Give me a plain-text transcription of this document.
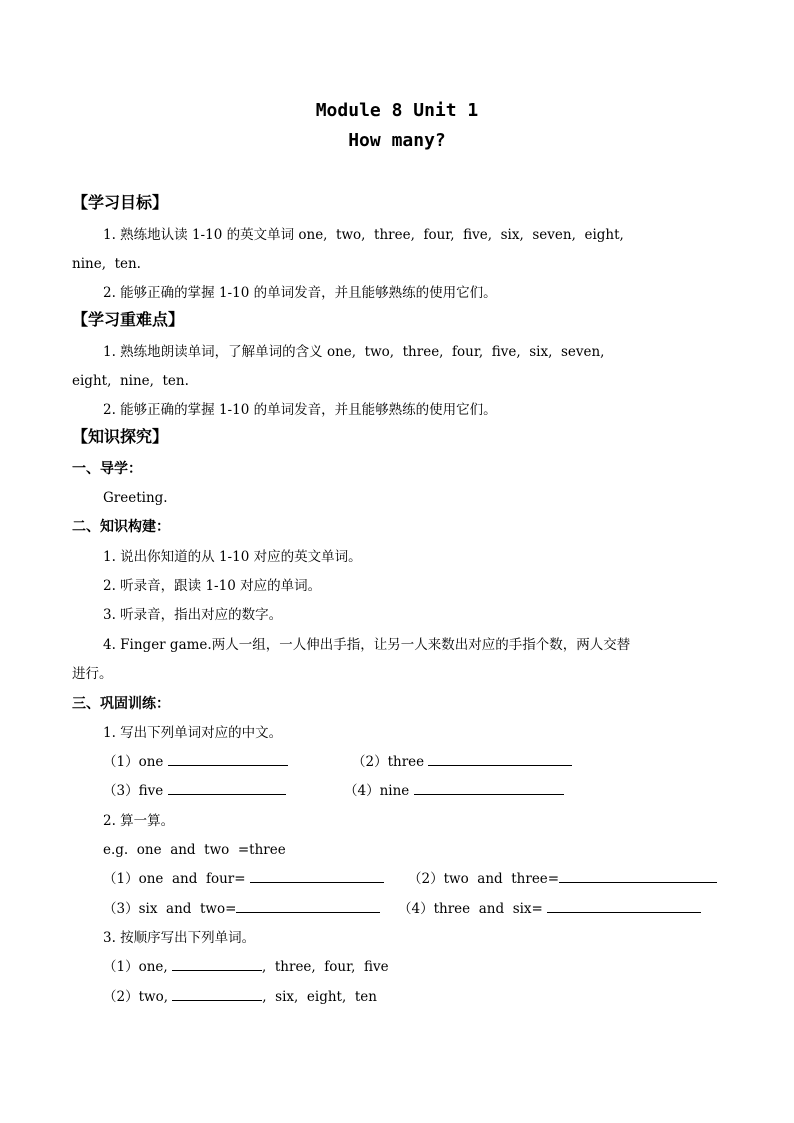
Module 8 Unit 1
How many?
【学习目标】
1. 熟练地认读 1-10 的英文单词 one,  two,  three,  four,  five,  six,  seven,  eight,
nine,  ten.
2. 能够正确的掌握 1-10 的单词发音，并且能够熟练的使用它们。
【学习重难点】
1. 熟练地朗读单词，了解单词的含义 one,  two,  three,  four,  five,  six,  seven,
eight,  nine,  ten.
2. 能够正确的掌握 1-10 的单词发音，并且能够熟练的使用它们。
【知识探究】
一、导学：
Greeting.
二、知识构建：
1. 说出你知道的从 1-10 对应的英文单词。
2. 听录音，跟读 1-10 对应的单词。
3. 听录音，指出对应的数字。
4. Finger game.两人一组，一人伸出手指，让另一人来数出对应的手指个数，两人交替
进行。
三、巩固训练：
1. 写出下列单词对应的中文。
（1）one	（2）three
（3）five	（4）nine
2. 算一算。
e.g.  one  and  two  =three
（1）one  and  four=	（2）two  and  three=
（3）six  and  two=	（4）three  and  six=
3. 按顺序写出下列单词。
（1）one,	,  three,  four,  five
（2）two,	,  six,  eight,  ten
